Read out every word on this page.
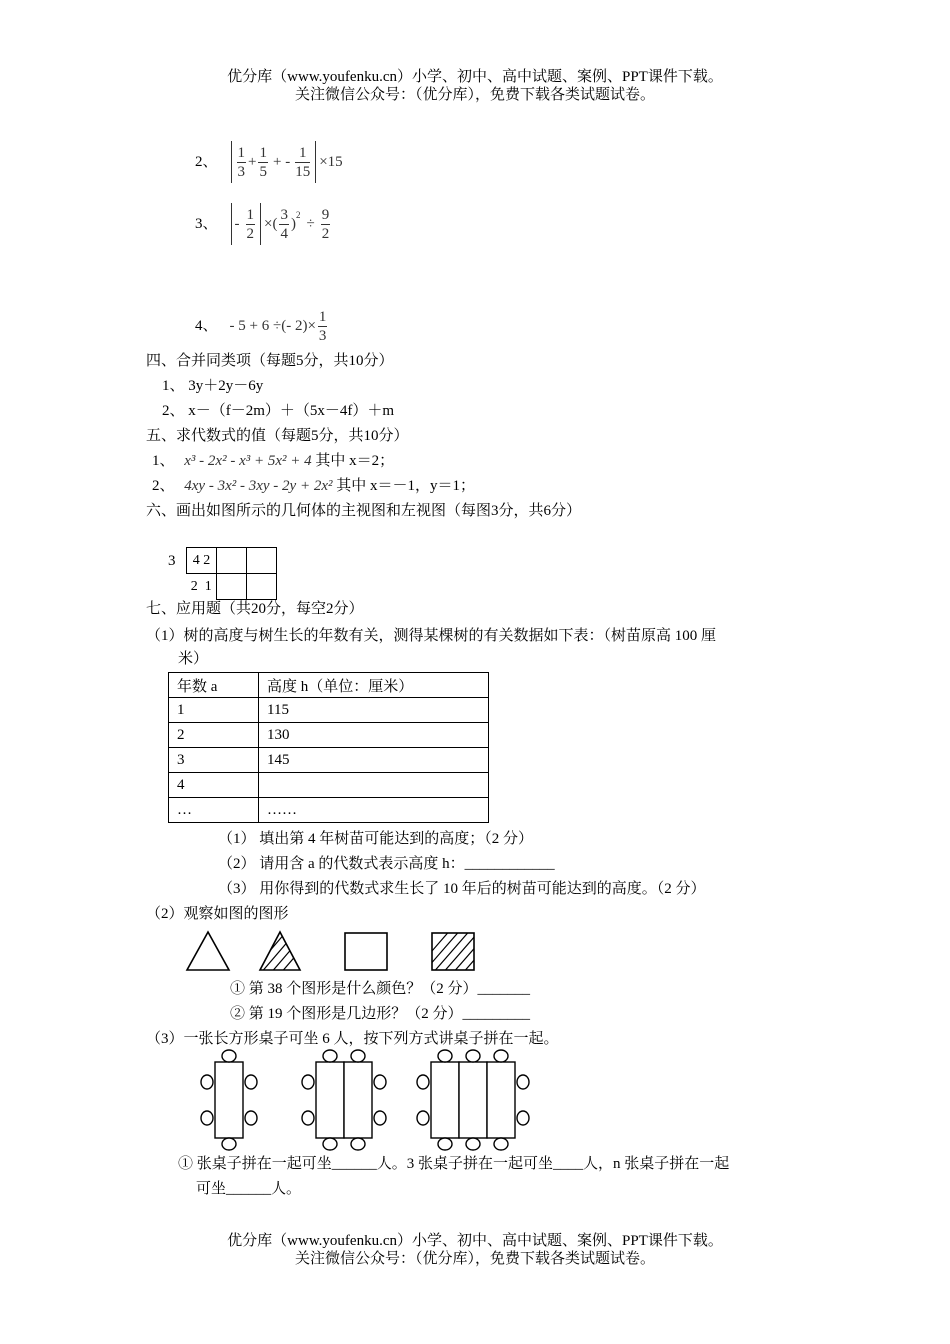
优分库（www.youfenku.cn）小学、初中、高中试题、案例、PPT课件下载。
关注微信公众号：（优分库），免费下载各类试题试卷。
2、 $\frac{1}{3} + \frac{1}{5}$ + - $\frac{1}{15} \times 15$
3、 - $\frac{1}{2}$ ×( $\frac{3}{4}$ )
$^2$
÷ $\frac{9}{2}$
4、 - 5 + 6 ÷(- $2)\times \frac{1}{3}$
四、合并同类项（每题5分，共10分）
1、 3y＋2y－6y
2、 x－（f－2m）＋（5x－4f）＋m
五、求代数式的值（每题5分，共10分）
1、 x³ - 2x² - x³ + 5x² + 4 其中 x＝2；
2、 4xy - 3x² - 3xy - 2y + 2x² 其中 x＝－1，y＝1；
六、画出如图所示的几何体的主视图和左视图（每图3分，共6分）
3 4 2		
2 1		
七、应用题（共20分，每空2分）
（1）树的高度与树生长的年数有关，测得某棵树的有关数据如下表：（树苗原高 100 厘
米）
年数 a	高度 h（单位：厘米）
1	115
2	130
3	145
4	
…	……
（1） 填出第 4 年树苗可能达到的高度；（2 分）
（2） 请用含 a 的代数式表示高度 h：____________
（3） 用你得到的代数式求生长了 10 年后的树苗可能达到的高度。（2 分）
（2）观察如图的图形
① 第 38 个图形是什么颜色？（2 分）_______
② 第 19 个图形是几边形？（2 分）_________
（3）一张长方形桌子可坐 6 人，按下列方式讲桌子拼在一起。
① 张桌子拼在一起可坐______人。3 张桌子拼在一起可坐____人，n 张桌子拼在一起
可坐______人。
优分库（www.youfenku.cn）小学、初中、高中试题、案例、PPT课件下载。
关注微信公众号：（优分库），免费下载各类试题试卷。
